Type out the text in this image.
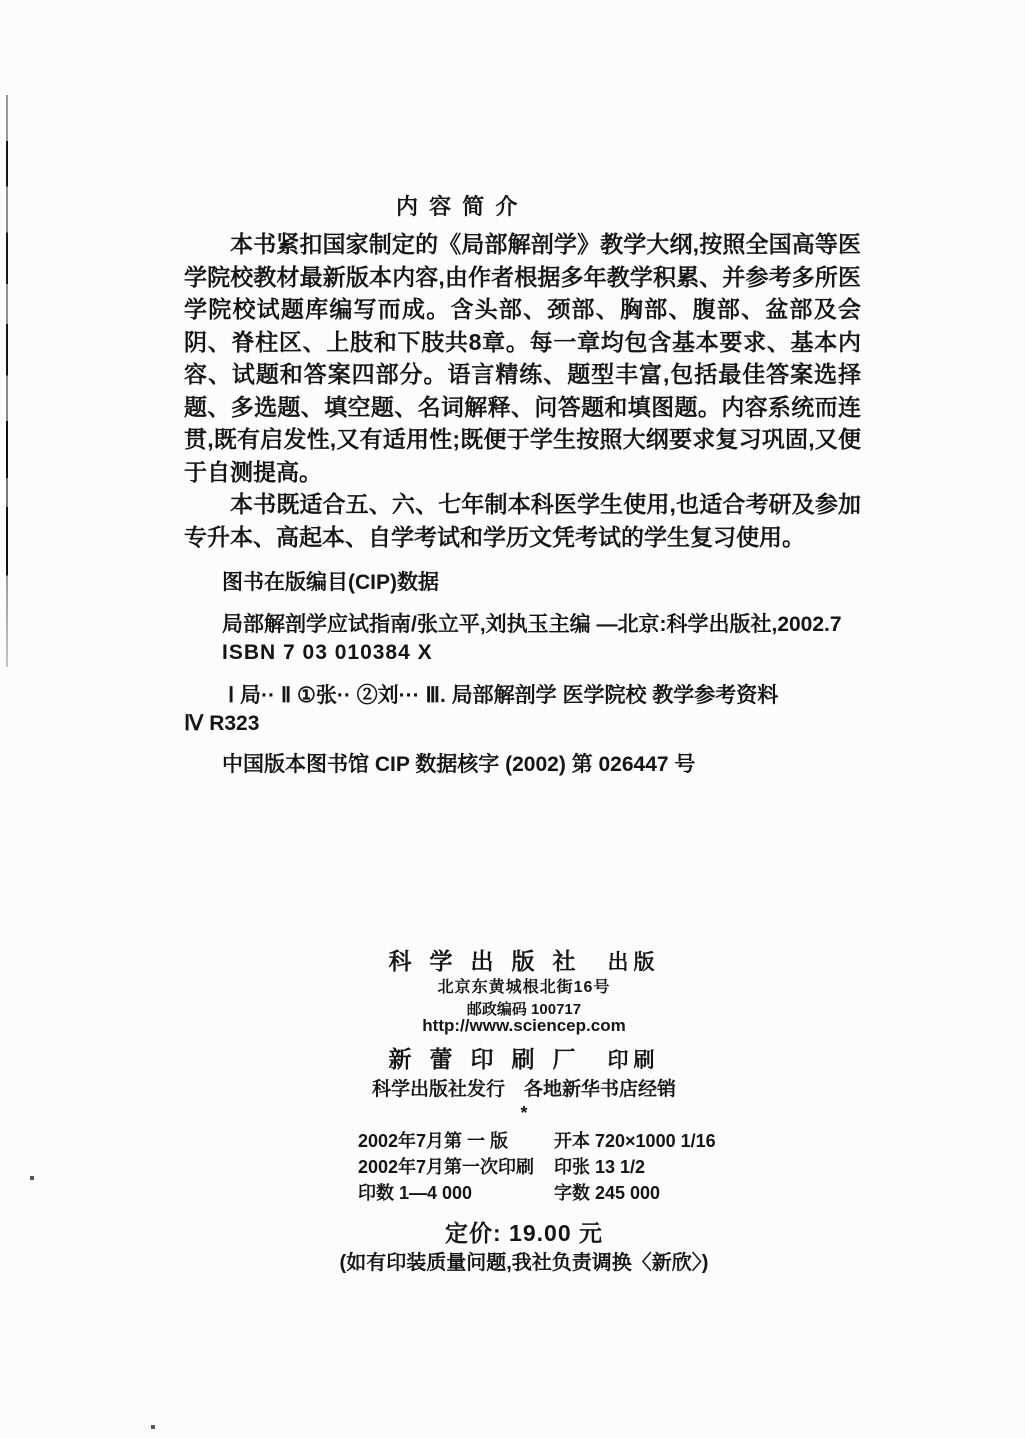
内 容 简 介

本书紧扣国家制定的《局部解剖学》教学大纲,按照全国高等医学院校教材最新版本内容,由作者根据多年教学积累、并参考多所医学院校试题库编写而成。含头部、颈部、胸部、腹部、盆部及会阴、脊柱区、上肢和下肢共8章。每一章均包含基本要求、基本内容、试题和答案四部分。语言精练、题型丰富,包括最佳答案选择题、多选题、填空题、名词解释、问答题和填图题。内容系统而连贯,既有启发性,又有适用性;既便于学生按照大纲要求复习巩固,又便于自测提高。

本书既适合五、六、七年制本科医学生使用,也适合考研及参加专升本、高起本、自学考试和学历文凭考试的学生复习使用。

图书在版编目(CIP)数据
局部解剖学应试指南/张立平,刘执玉主编 —北京:科学出版社,2002.7
ISBN 7 03 010384 X
Ⅰ 局·· Ⅱ ①张·· ②刘··· Ⅲ. 局部解剖学 医学院校 教学参考资料
Ⅳ R323
中国版本图书馆 CIP 数据核字 (2002) 第 026447 号
科学出版社 出版
北京东黄城根北街16号
邮政编码 100717
http://www.sciencep.com
新蕾印刷厂 印刷
科学出版社发行　各地新华书店经销
*
2002年7月第 一 版	开本 720×1000 1/16
2002年7月第一次印刷	印张 13 1/2
印数 1—4 000	字数 245 000
定价: 19.00 元
(如有印装质量问题,我社负责调换〈新欣〉)
